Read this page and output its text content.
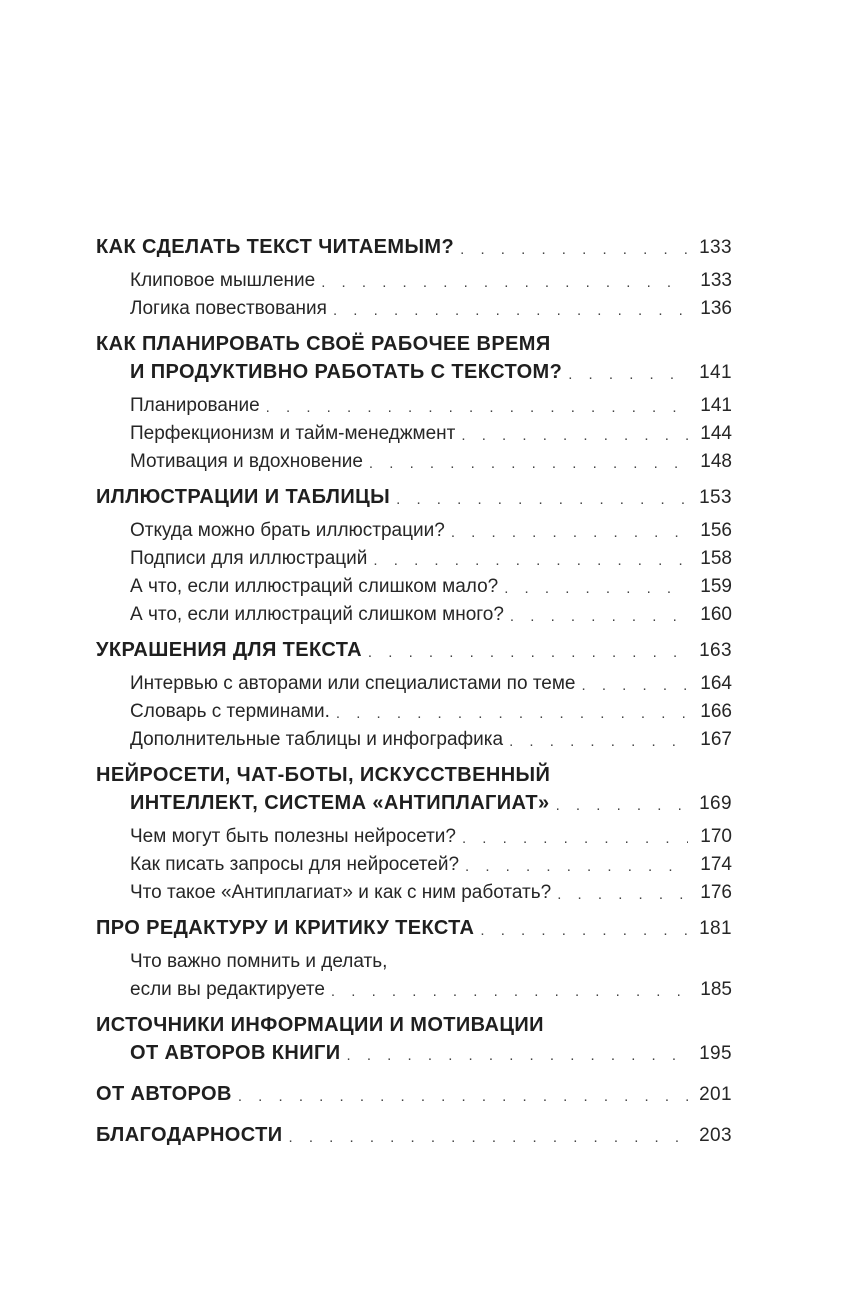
КАК СДЕЛАТЬ ТЕКСТ ЧИТАЕМЫМ? . . .	133
Клиповое мышление . . .	133
Логика повествования . . .	136
КАК ПЛАНИРОВАТЬ СВОЁ РАБОЧЕЕ ВРЕМЯ
И ПРОДУКТИВНО РАБОТАТЬ С ТЕКСТОМ? . . .	141
Планирование . . .	141
Перфекционизм и тайм-менеджмент . . .	144
Мотивация и вдохновение . . .	148
ИЛЛЮСТРАЦИИ И ТАБЛИЦЫ . . .	153
Откуда можно брать иллюстрации? . . .	156
Подписи для иллюстраций . . .	158
А что, если иллюстраций слишком мало? . . .	159
А что, если иллюстраций слишком много? . . .	160
УКРАШЕНИЯ ДЛЯ ТЕКСТА . . .	163
Интервью с авторами или специалистами по теме . . .	164
Словарь с терминами. . . .	166
Дополнительные таблицы и инфографика . . .	167
НЕЙРОСЕТИ, ЧАТ-БОТЫ, ИСКУССТВЕННЫЙ
ИНТЕЛЛЕКТ, СИСТЕМА «АНТИПЛАГИАТ» . . .	169
Чем могут быть полезны нейросети? . . .	170
Как писать запросы для нейросетей? . . .	174
Что такое «Антиплагиат» и как с ним работать? . . .	176
ПРО РЕДАКТУРУ И КРИТИКУ ТЕКСТА . . .	181
Что важно помнить и делать,
если вы редактируете . . .	185
ИСТОЧНИКИ ИНФОРМАЦИИ И МОТИВАЦИИ
ОТ АВТОРОВ КНИГИ . . .	195
ОТ АВТОРОВ . . .	201
БЛАГОДАРНОСТИ . . .	203
